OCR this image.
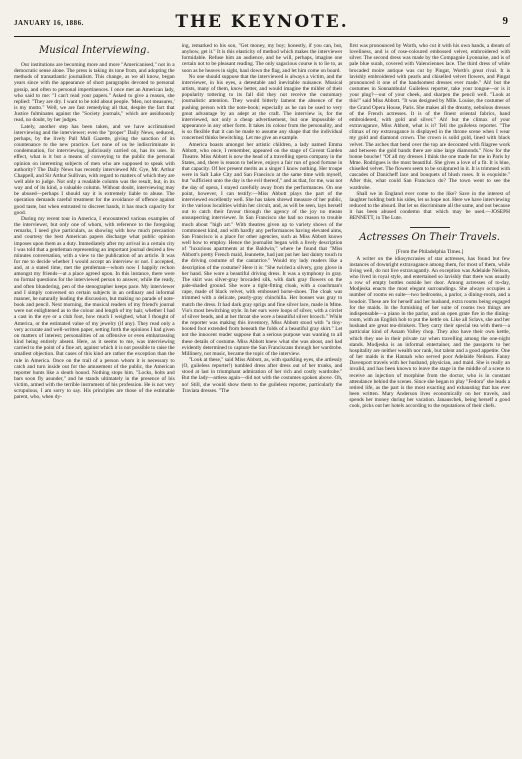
JANUARY 16, 1886.	THE KEYNOTE.	9
Musical Interviewing.

Our institutions are becoming more and more "Americanised," not in a democratic sense alone. The press is taking its tone from, and adopting the methods of transatlantic journalism. This change, as we all know, began years since with the appearance of short paragraphs devoted to personal gossip, and often to personal impertinences. I once met an American lady, who said to me: "I can't read your papers." Asked to give a reason, she replied: "They are dry. I want to be told about people. 'Men, not measures,' is my motto." Well, we are fast remedying all that, despite the fact that Justice fulminates against the "Society journals," which are assiduously read, no doubt, by her judges.

Lately, another step has been taken, and we have acclimatised interviewing and the interviewer; even the "proper" Daily News, seduced, perhaps, by the lively Pall Mall Gazette, giving the sanction of its countenance to the new practice. Let none of us be indiscriminate in condemnation, for interviewing, judiciously carried on, has its uses. In effect, what is it but a means of conveying to the public the personal opinion on interesting subjects of men who are supposed to speak with authority? The Daily News has recently interviewed Mr. Gye, Mr. Arthur Chappell, and Sir Arthur Sullivan, with regard to matters of which they are well able to judge. Not only a readable column was the result, but, in its way and of its kind, a valuable column. Without doubt, interviewing may be abused—perhaps I should say it is extremely liable to abuse. The operation demands careful treatment for the avoidance of offence against good taste, but when entrusted to discreet hands, it has much capacity for good.

During my recent tour in America, I encountered various examples of the interviewer, but only one of whom, with reference to the foregoing remarks, I need give particulars, as showing with how much precaution and courtesy the best American papers discharge what public opinion imposes upon them as a duty. Immediately after my arrival in a certain city I was told that a gentleman representing an important journal desired a few minutes conversation, with a view to the publication of an article. It was for me to decide whether I would accept an interview or not. I accepted, and, at a stated time, met the gentleman—whom now I happily reckon amongst my friends—at a place agreed upon. In this instance, there were no formal questions for the interviewed person to answer, while the ready, and often blundering, pen of the stenographer keeps pace. My interviewer and I simply conversed on certain subjects in an ordinary and informal manner, he naturally leading the discussion, but making no parade of note-book and pencil. Next morning, the musical readers of my friend's journal were not enlightened as to the colour and length of my hair, whether I had a cast in the eye or a club foot, how much I weighed, what I thought of America, or the estimated value of my jewelry (if any). They read only a very accurate and well-written paper, setting forth the opinions I had given on matters of interest; personalities of an offensive or even embarrassing kind being entirely absent. Here, as it seems to me, was interviewing carried to the point of a fine art, against which it is not possible to raise the smallest objection. But cases of this kind are rather the exception than the rule in America. Once on the trail of a person whom it is necessary to catch and turn inside out for the amusement of the public, the American reporter hunts like a sleuth hound. Nothing stops him. "Locks, bolts and bars soon fly asunder," and he stands ultimately in the presence of his victim, armed with the terrible instrument of his profession. He is not very scrupulous, I am sorry to say. His principles are those of the estimable parent, who, when dy-

ing, remarked to his son, "Get money, my boy; honestly, if you can, but, anyhow, get it." It is this elasticity of method which makes the interviewer formidable. Refuse him an audience, and he will, perhaps, imagine one certain not to be pleasant reading. The only sagacious course is to lie to, as soon as he heaves in sight, haul down the flag, and let him come on board.

No one should suppose that the interviewed is always a victim, and the interviewer, in his eyes, a detestable and inevitable nuisance. Musical artists, many of them, know better, and would imagine the milder of their popularity tottering to its fall did they not receive the customary journalistic attention. They would bitterly lament the absence of the pushing person with the note-book; especially as he can be used to very great advantage by an adept at the craft. The interview is, for the interviewed, not only a cheap advertisement, but one impossible of appearance in any other form. It takes its colour from the personality, and is so flexible that it can be made to assume any shape that the individual concerned thinks bewitching. Let me give an example.

America boasts amongst her artistic children, a lady named Emma Abbott, who once, I remember, appeared on the stage of Covent Garden Theatre. Miss Abbott is now the head of a travelling opera company in the States, and, there is reason to believe, enjoys a fair run of good fortune in that capacity. Of her present merits as a singer I know nothing. Her troupe were in Salt Lake City and San Francisco at the same time with myself, but "sufficient unto the day is the evil thereof," and as that, for me, was not the day of opera, I stayed carefully away from the performances. On one point, however, I can testify:—Miss Abbott plays the part of the interviewed excellently well. She has taken shrewd measure of her public, in the various localities within her circuit, and, as will be seen, lays herself out to catch their favour through the agency of the joy no means unsuspecting interviewer. In San Francisco she had no reason to trouble much about "high art." With theatres given up to variety shows of the commonest kind, and with hardly any performances having elevated aims, San Francisco is a place for other agencies, such as Miss Abbott knows well how to employ. Hence the journalist began with a lively description of "luxurious apartments at the Baldwin," where he found that "Miss Abbott's pretty French maid, Jeannette, had just put her last dainty touch to the driving costume of the cantatrice." Would my lady readers like a description of the costume? Here it is: "She twirled a silvery, gray glove in her hand. She wore a beautiful driving dress. It was a symphony in gray. The skirt was silver-gray brocaded silk, with dark gray flowers on the pale-shaded ground. She wore a tight-fitting cloak, with a coachman's cape, made of black velvet, with embossed horse-shoes. The cloak was trimmed with a delicate, pearly-gray chinchilla. Her bonnet was gray to match the dress. It had dark gray sprigs and fine silver lace, made in Mme. Vio's most bewitching style. In her ears were loops of silver, with a circlet of silver beads, and at her throat she wore a beautiful silver brooch." While the reporter was making this inventory, Miss Abbott stood with "a tiny-booted foot extended from beneath the folds of a beautiful gray skirt." Let not the innocent reader suppose that a serious purpose was wanting to all these details of costume. Miss Abbott knew what she was about, and had evidently determined to capture the San Franciscans through her wardrobe. Millinery, not music, became the topic of the interview.

"Look at these," said Miss Abbott, as, with sparkling eyes, she artlessly (O, guileless reporter!) tumbled dress after dress out of her trunks, and stood at last in triumphant admiration of her rich and costly wardrobe." But the lady—artless again—did not with the costumes spoken above. Oh, no! Still, she would show them to the guileless reporter, particularly the Traviata dresses. "The

first was pronounced by Worth, who cut it with his own hands, a dream of loveliness, and is of rose-coloured embossed velvet, embroidered with silver. The second dress was made by the Compagnie Lyonnaise, and is of pale blue surah, covered with Valenciennes lace. The third dress of white brocaded moire antique was cut by Pingat, Worth's great rival. It is lavishly embroidered with pearls and chiselled velvet flowers, and Pingat pronounced it one of the handsomest dresses ever made." Ah! but the costumes in Sonnambula! Guileless reporter, take your tongue—or is it your plug?—out of your cheek, and sharpen the pencil well. "Look at this!" said Miss Abbott. "It was designed by Mlle. Louise, the costumer of the Grand Opera House, Paris. She makes all the dreamy, nebulous dresses of the French actresses. It is of the finest oriental fabrics, hand embroidered, with gold and silver." Ah! but the climax of your extravagance, Miss Abbott, what is it? Tell the guileless reporter. "The climax of my extravagance is displayed in the throne scene when I wear my gold and diamond crown. The crown is solid gold, lined with black velvet. The arches that bend over the top are decorated with filagree work and between the gold bands there are nine large diamonds." Now for the bonne bouche! "Of all my dresses I think the one made for me in Paris by Mme. Rodrigues is the most beautiful. She gives a love of a fit. It is blue, chiselled velvet. The flowers seem to be sculptured in it. It is trimmed with cascades of Danicheff lace and bouquets of blush roses. It is exquisite." After this, what could San Francisco do? The town went to see the wardrobe.

Shall we in England ever come to the like? Save in the interest of laughter holding both his sides, let us hope not. Here we have interviewing reduced to the absurd. But let us discriminate all the same, and not because it has been abused condemn that which may be used.—JOSEPH BENNETT, in The Lute.

Actresses On Their Travels.
[From the Philadelphia Times.]

A writer on the idiosyncrasies of star actresses, has found but few instances of downright extravagance among them, for most of them, while living well, do not live extravagantly. An exception was Adelaide Neilson, who lived in royal style, and entertained so lavishly that there was usually a row of empty bottles outside her door. Among actresses of to-day, Modjeska enacts the most elegant surroundings. She always occupies a number of rooms en suite—two bedrooms, a parlor, a dining-room, and a boudoir. These are for herself and her husband, extra rooms being engaged for the maids. In the furnishing of her suite of rooms two things are indispensable—a piano in the parlor, and an open grate fire in the dining-room, with an English hob to put the kettle on. Like all Sclavs, she and her husband are great tea-drinkers. They carry their special tea with them—a particular kind of Assam Valley chop. They also have their own kettle, which they use in their private car when travelling among the one-night stands. Modjeska is an informal entertainer, and the passports to her hospitality are neither wealth nor rank, but talent and a good appetite. One of her maids is the Hannah who served poor Adelaide Neilson. Fanny Davenport travels with her husband, physician, and maid. She is really an invalid, and has been known to leave the stage in the middle of a scene to receive an injection of morphine from the doctor, who is in constant attendance behind the scenes. Since she began to play "Fedora" she leads a retired life, as the part is the most exacting and exhausting that has ever been written. Mary Anderson lives economically on her travels, and spends her money during her vacation. Janauschek, being herself a good cook, picks out her hotels according to the reputations of their chefs.
